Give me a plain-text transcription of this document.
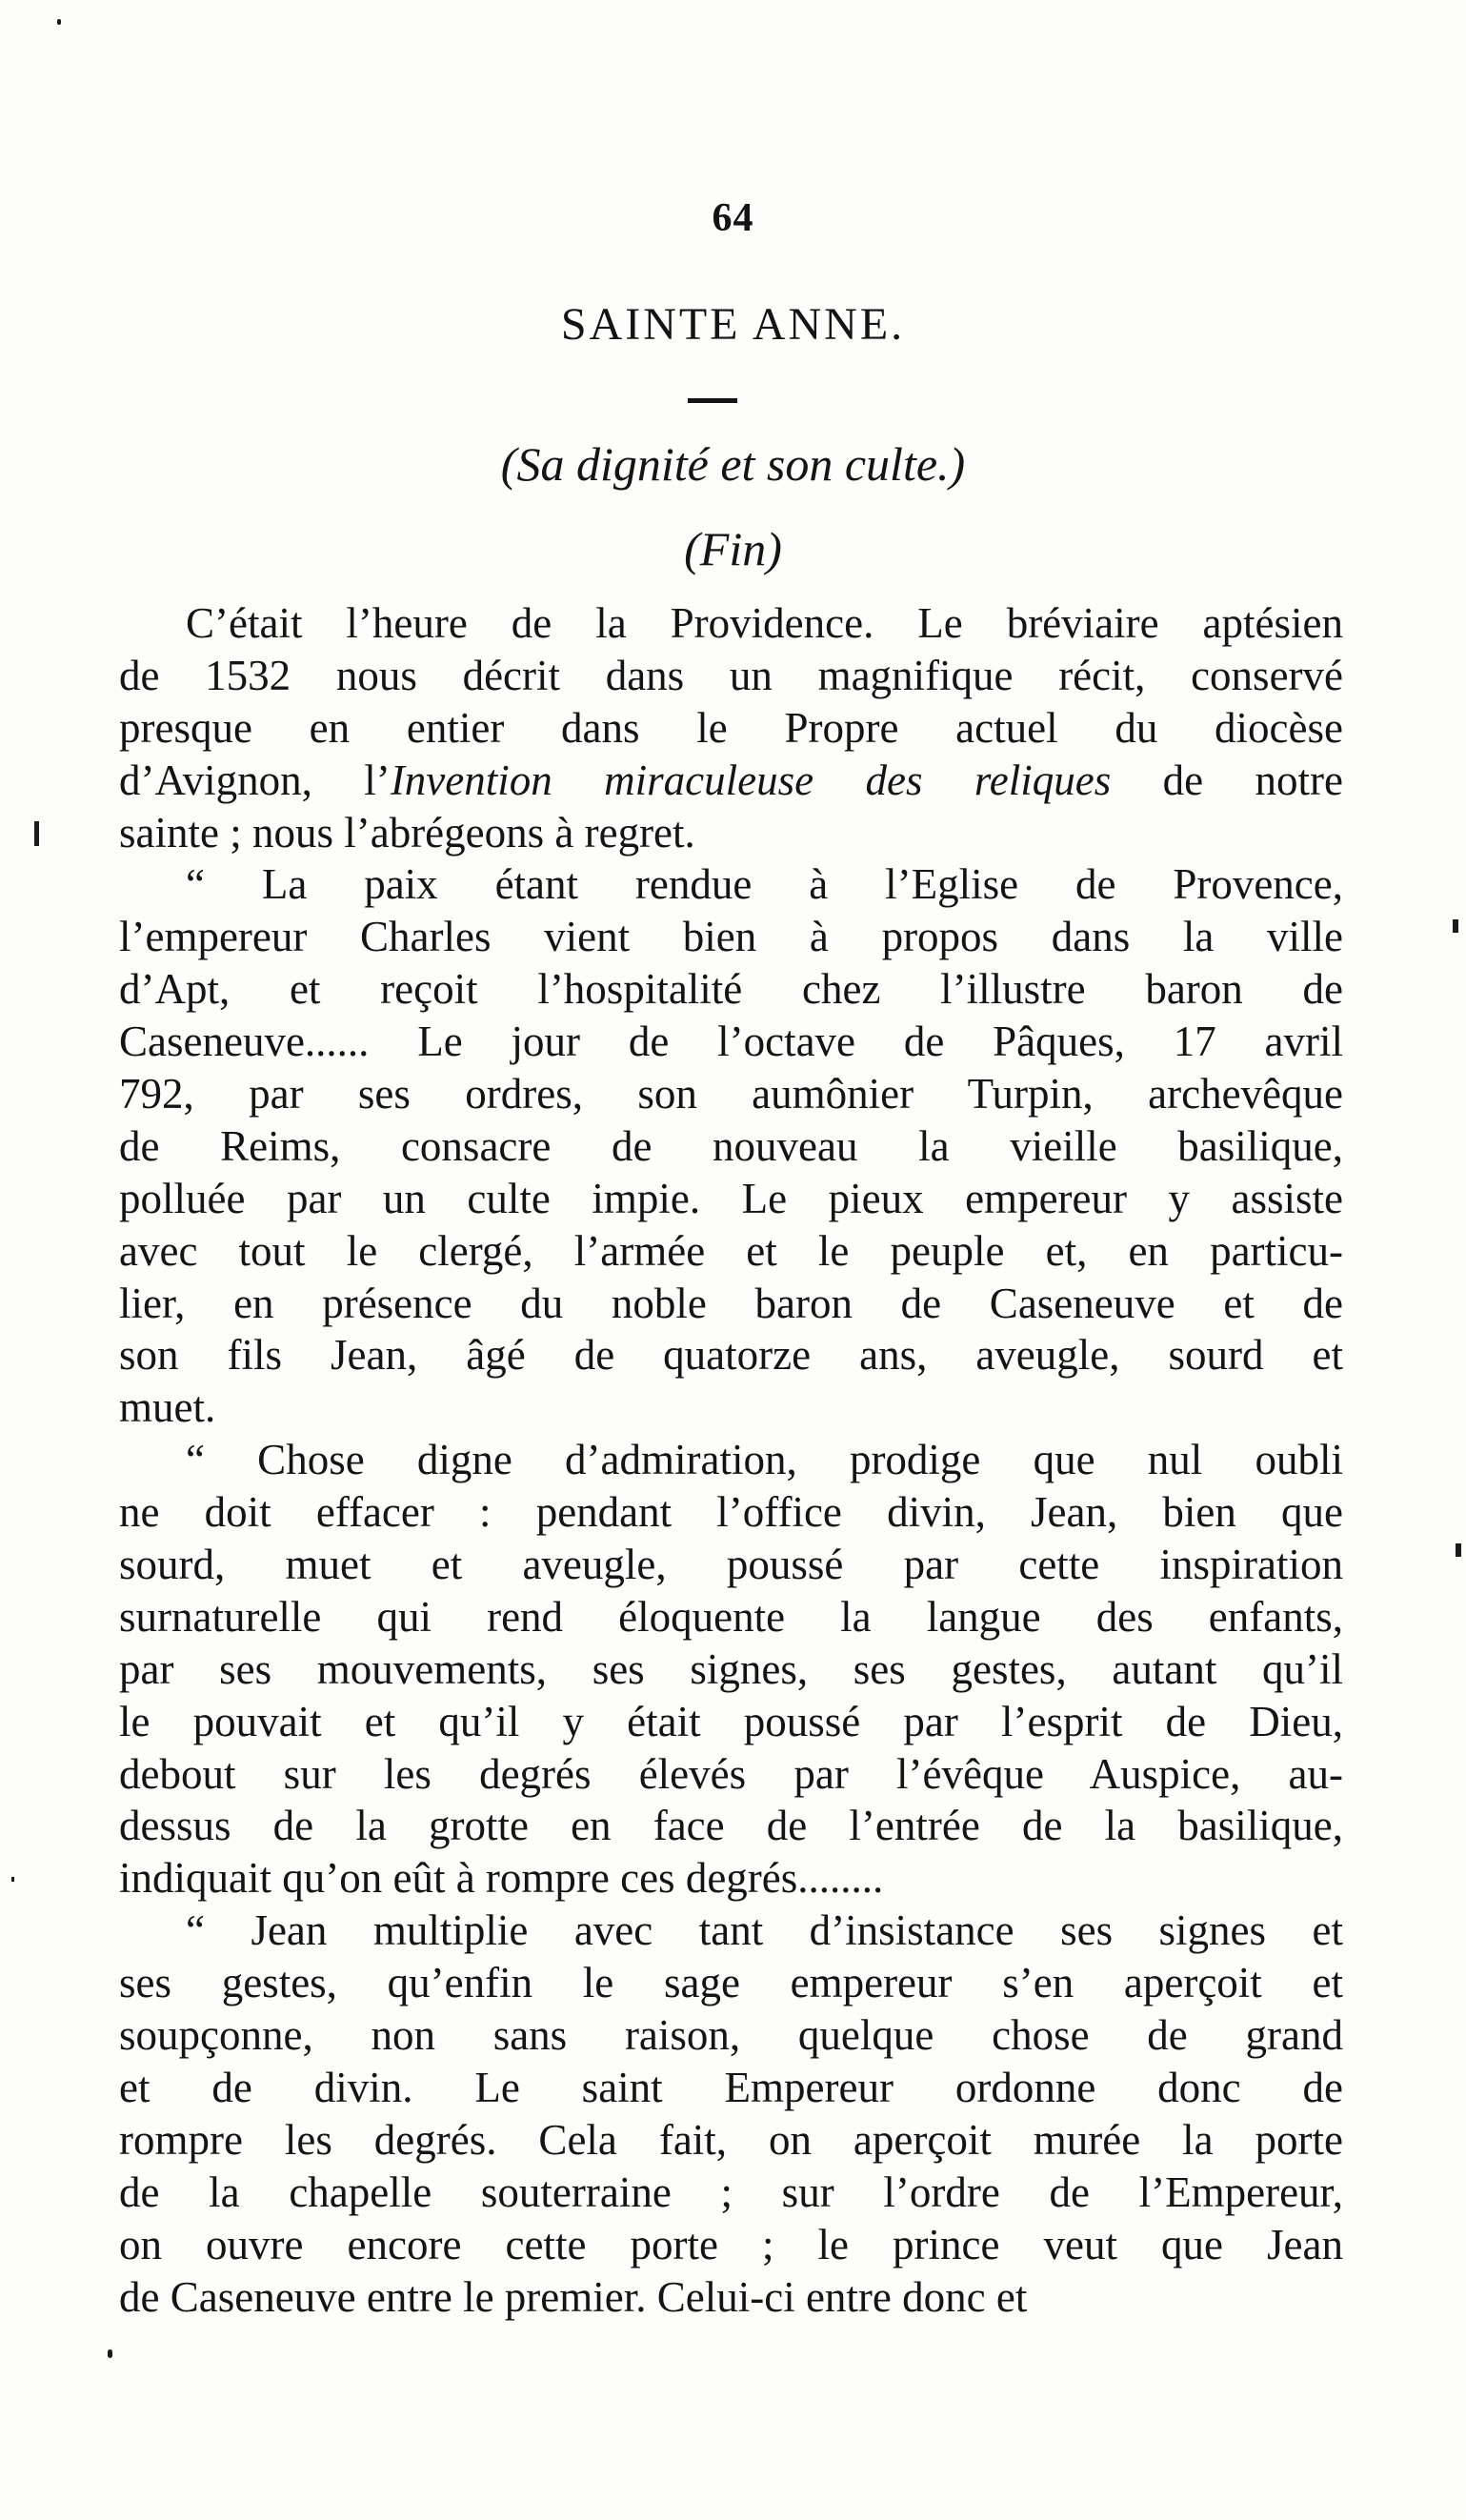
64
SAINTE ANNE.
(Sa dignité et son culte.)
(Fin)
C’était l’heure de la Providence. Le bréviaire aptésien
de 1532 nous décrit dans un magnifique récit, conservé
presque en entier dans le Propre actuel du diocèse
d’Avignon, l’Invention miraculeuse des reliques de notre
sainte ; nous l’abrégeons à regret.
“ La paix étant rendue à l’Eglise de Provence,
l’empereur Charles vient bien à propos dans la ville
d’Apt, et reçoit l’hospitalité chez l’illustre baron de
Caseneuve...... Le jour de l’octave de Pâques, 17 avril
792, par ses ordres, son aumônier Turpin, archevêque
de Reims, consacre de nouveau la vieille basilique,
polluée par un culte impie. Le pieux empereur y assiste
avec tout le clergé, l’armée et le peuple et, en particu-
lier, en présence du noble baron de Caseneuve et de
son fils Jean, âgé de quatorze ans, aveugle, sourd et
muet.
“ Chose digne d’admiration, prodige que nul oubli
ne doit effacer : pendant l’office divin, Jean, bien que
sourd, muet et aveugle, poussé par cette inspiration
surnaturelle qui rend éloquente la langue des enfants,
par ses mouvements, ses signes, ses gestes, autant qu’il
le pouvait et qu’il y était poussé par l’esprit de Dieu,
debout sur les degrés élevés par l’évêque Auspice, au-
dessus de la grotte en face de l’entrée de la basilique,
indiquait qu’on eût à rompre ces degrés........
“ Jean multiplie avec tant d’insistance ses signes et
ses gestes, qu’enfin le sage empereur s’en aperçoit et
soupçonne, non sans raison, quelque chose de grand
et de divin. Le saint Empereur ordonne donc de
rompre les degrés. Cela fait, on aperçoit murée la porte
de la chapelle souterraine ; sur l’ordre de l’Empereur,
on ouvre encore cette porte ; le prince veut que Jean
de Caseneuve entre le premier. Celui-ci entre donc et
